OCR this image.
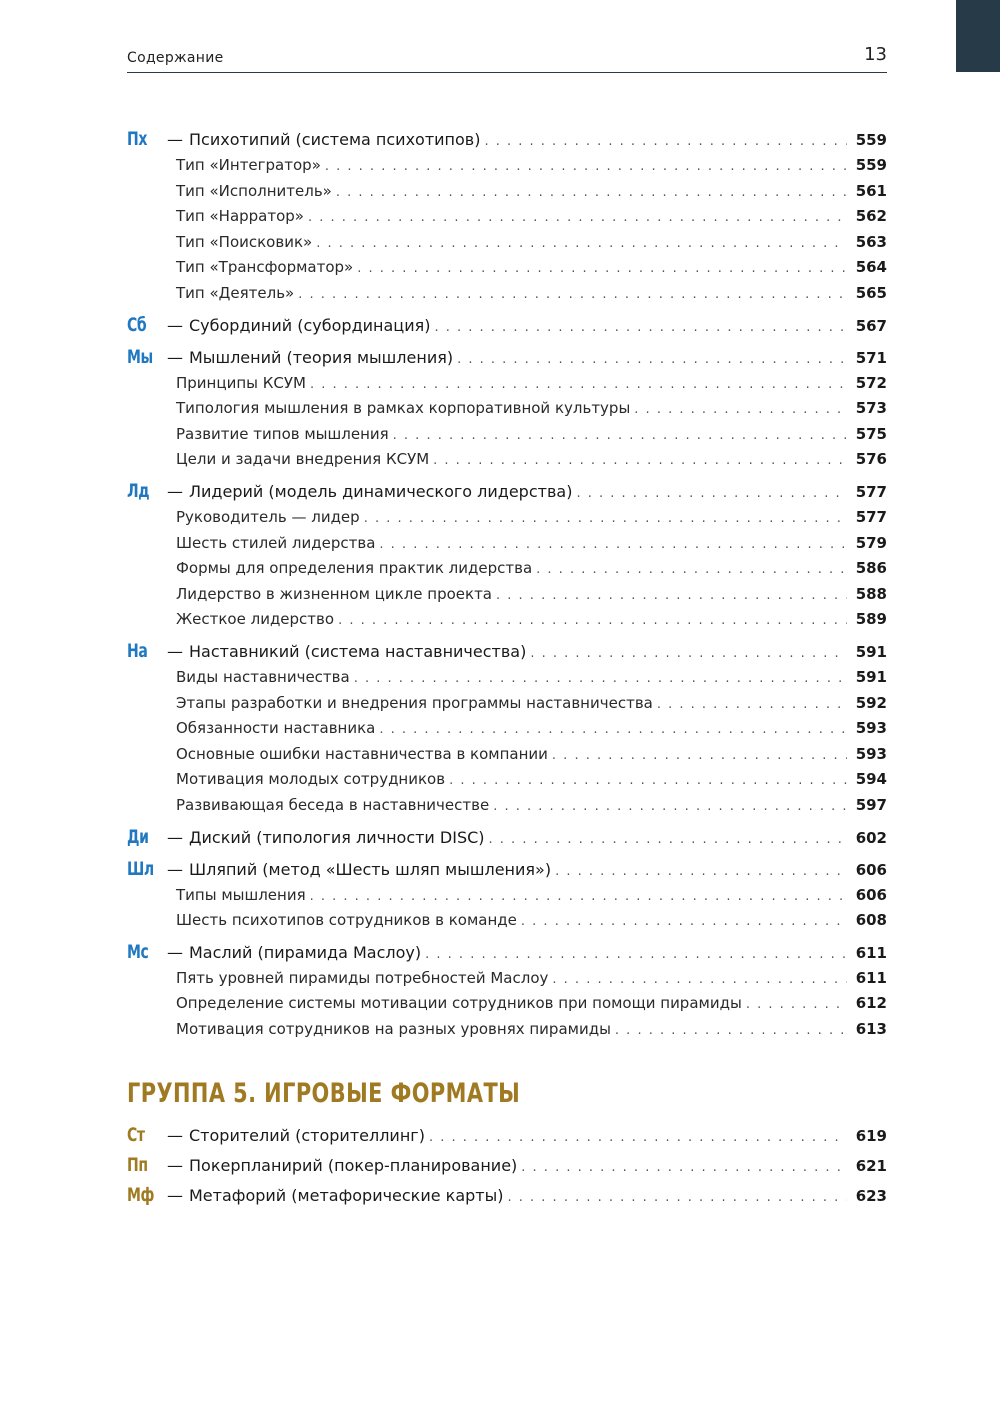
Содержание	13
Пх	— Психотипий (система психотипов) . . .	559
Тип «Интегратор» . . .	559
Тип «Исполнитель» . . .	561
Тип «Нарратор» . . .	562
Тип «Поисковик» . . .	563
Тип «Трансформатор» . . .	564
Тип «Деятель» . . .	565
Сб	— Субординий (субординация) . . .	567
Мы — Мышлений (теория мышления) . . .	571
Принципы КСУМ . . .	572
Типология мышления в рамках корпоративной культуры . . .	573
Развитие типов мышления . . .	575
Цели и задачи внедрения КСУМ . . .	576
Лд	— Лидерий (модель динамического лидерства) . . .	577
Руководитель — лидер . . .	577
Шесть стилей лидерства . . .	579
Формы для определения практик лидерства . . .	586
Лидерство в жизненном цикле проекта . . .	588
Жесткое лидерство . . .	589
На	— Наставникий (система наставничества) . . .	591
Виды наставничества . . .	591
Этапы разработки и внедрения программы наставничества . . .	592
Обязанности наставника . . .	593
Основные ошибки наставничества в компании . . .	593
Мотивация молодых сотрудников . . .	594
Развивающая беседа в наставничестве . . .	597
Ди	— Диский (типология личности DISC) . . .	602
Шл — Шляпий (метод «Шесть шляп мышления») . . .	606
Типы мышления . . .	606
Шесть психотипов сотрудников в команде . . .	608
Мс	— Маслий (пирамида Маслоу) . . .	611
Пять уровней пирамиды потребностей Маслоу . . .	611
Определение системы мотивации сотрудников при помощи пирамиды . . .	612
Мотивация сотрудников на разных уровнях пирамиды . . .	613
ГРУППА 5. ИГРОВЫЕ ФОРМАТЫ
Ст	— Сторителий (сторителлинг) . . .	619
Пп	— Покерпланирий (покер-планирование) . . .	621
Мф — Метафорий (метафорические карты) . . .	623
